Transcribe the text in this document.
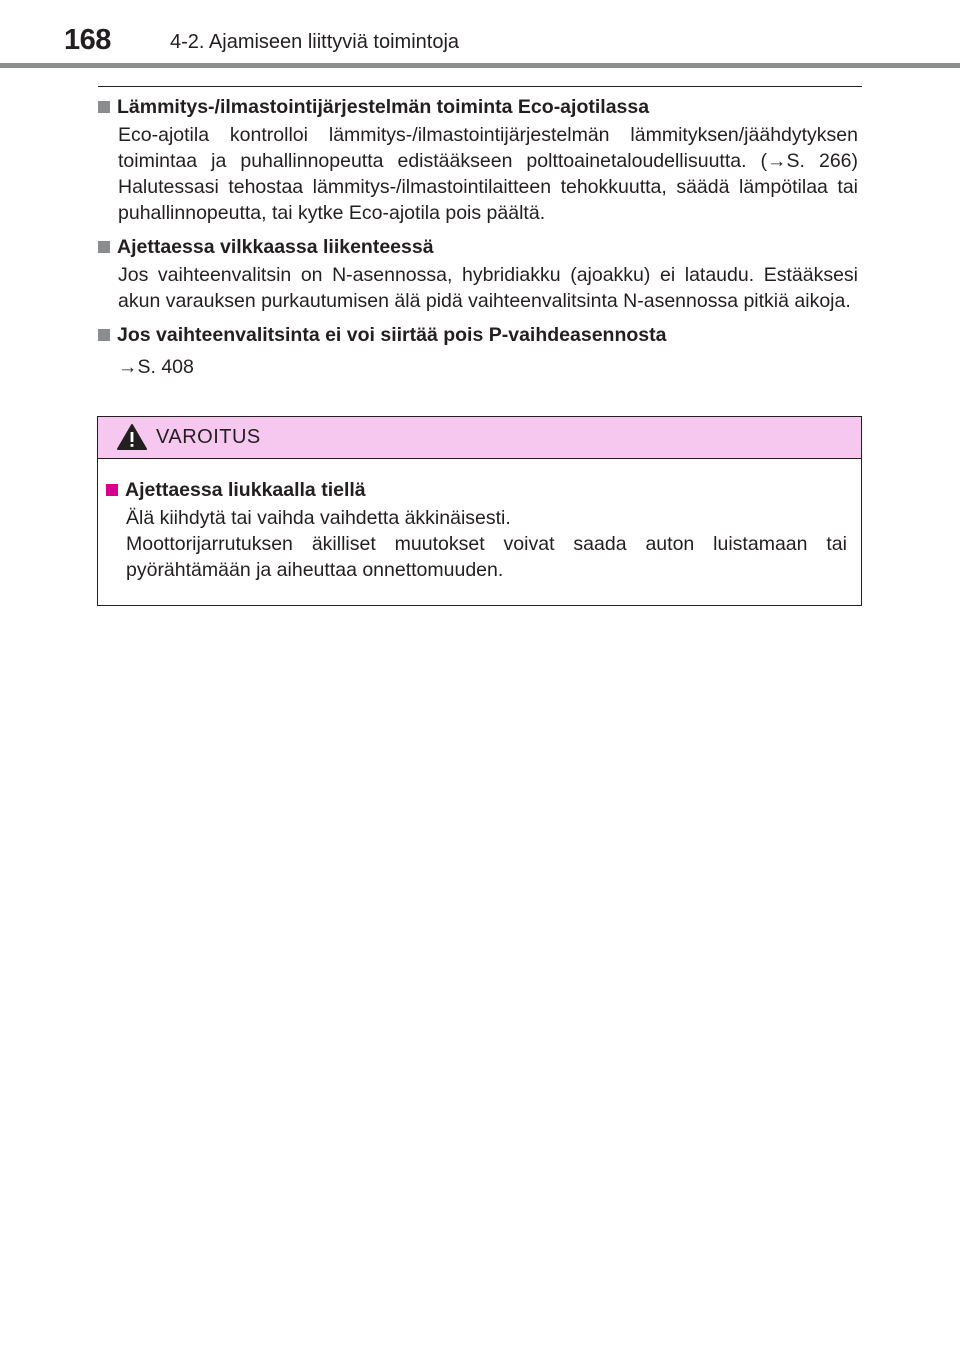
168	4-2. Ajamiseen liittyviä toimintoja
Lämmitys-/ilmastointijärjestelmän toiminta Eco-ajotilassa

Eco-ajotila kontrolloi lämmitys-/ilmastointijärjestelmän lämmityksen/jäähdytyksen toimintaa ja puhallinnopeutta edistääkseen polttoainetaloudellisuutta. (→S. 266) Halutessasi tehostaa lämmitys-/ilmastointilaitteen tehokkuutta, säädä lämpötilaa tai puhallinnopeutta, tai kytke Eco-ajotila pois päältä.

Ajettaessa vilkkaassa liikenteessä

Jos vaihteenvalitsin on N-asennossa, hybridiakku (ajoakku) ei lataudu. Estääksesi akun varauksen purkautumisen älä pidä vaihteenvalitsinta N-asennossa pitkiä aikoja.

Jos vaihteenvalitsinta ei voi siirtää pois P-vaihdeasennosta

→S. 408

VAROITUS
Ajettaessa liukkaalla tiellä

Älä kiihdytä tai vaihda vaihdetta äkkinäisesti.

Moottorijarrutuksen äkilliset muutokset voivat saada auton luistamaan tai pyörähtämään ja aiheuttaa onnettomuuden.
